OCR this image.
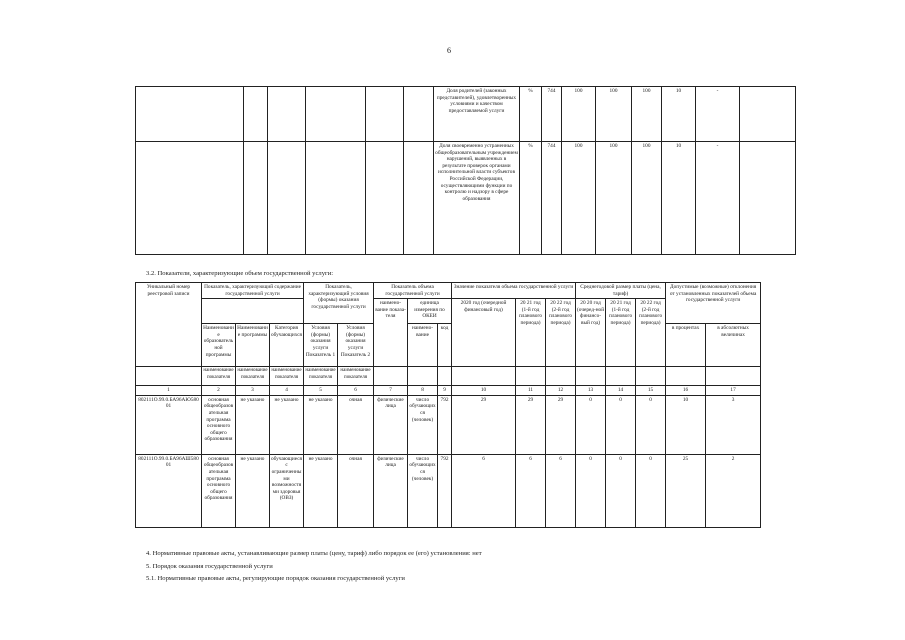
6
						Доля родителей (законных представителей), удовлетворенных условиями и качеством предоставляемой услуги	%	744	100	100	100	10	-	
						Доля своевременно устраненных общеобразовательным учреждением нарушений, выявленных в результате проверок органами исполнительной власти субъектов Российской Федерации, осуществляющими функции по контролю и надзору в сфере образования	%	744	100	100	100	10	-	
3.2. Показатели, характеризующие объем государственной услуги:
Уникальный номер реестровой записи	Показатель, характеризующий содержание государственной услуги			Показатель, характеризующий условия (формы) оказания государственной услуги		Показатель объема государственной услуги			Значение показателя объема государственной услуги			Среднегодовой размер платы (цена, тариф)			Допустимые (возможные) отклонения от установленных показателей объема государственной услуги	
						наимено-вание показа-теля	единица измерения по ОКЕИ		2020 год (очередной финансовый год)	20 21 год (1-й год планового периода)	20 22 год (2-й год планового периода)	20 20 год (очеред-ной финансо-вый год)	20 21 год (1-й год планового периода)	20 22 год (2-й год планового периода)		
	Наименование образовательной программы	Наименование программы	Категория обучающихся	Условия (формы) оказания услуги Показатель 1	Условия (формы) оказания услуги Показатель 2		наимено-вание	код							в процентах	в абсолютных величинах
	наименование показателя	наименование показателя	наименование показателя	наименование показателя	наименование показателя											
1	2	3	4	5	6	7	8	9	10	11	12	13	14	15	16	17
802111О.99.0.БА96АЮ58001	основная общеобразовательная программа основного общего образования	не указано	не указано	не указано	очная	физические лица	число обучающихся (человек)	792	29	29	29	0	0	0	10	3
802111О.99.0.БА96АШ58001	основная общеобразовательная программа основного общего образования	не указано	обучающиеся с ограниченными возможностями здоровья (ОВЗ)	не указано	очная	физические лица	число обучающихся (человек)	792	6	6	6	0	0	0	25	2
4. Нормативные правовые акты, устанавливающие размер платы (цену, тариф) либо порядок ее (его) установления: нет
5. Порядок оказания государственной услуги
5.1. Нормативные правовые акты, регулирующие порядок оказания государственной услуги
